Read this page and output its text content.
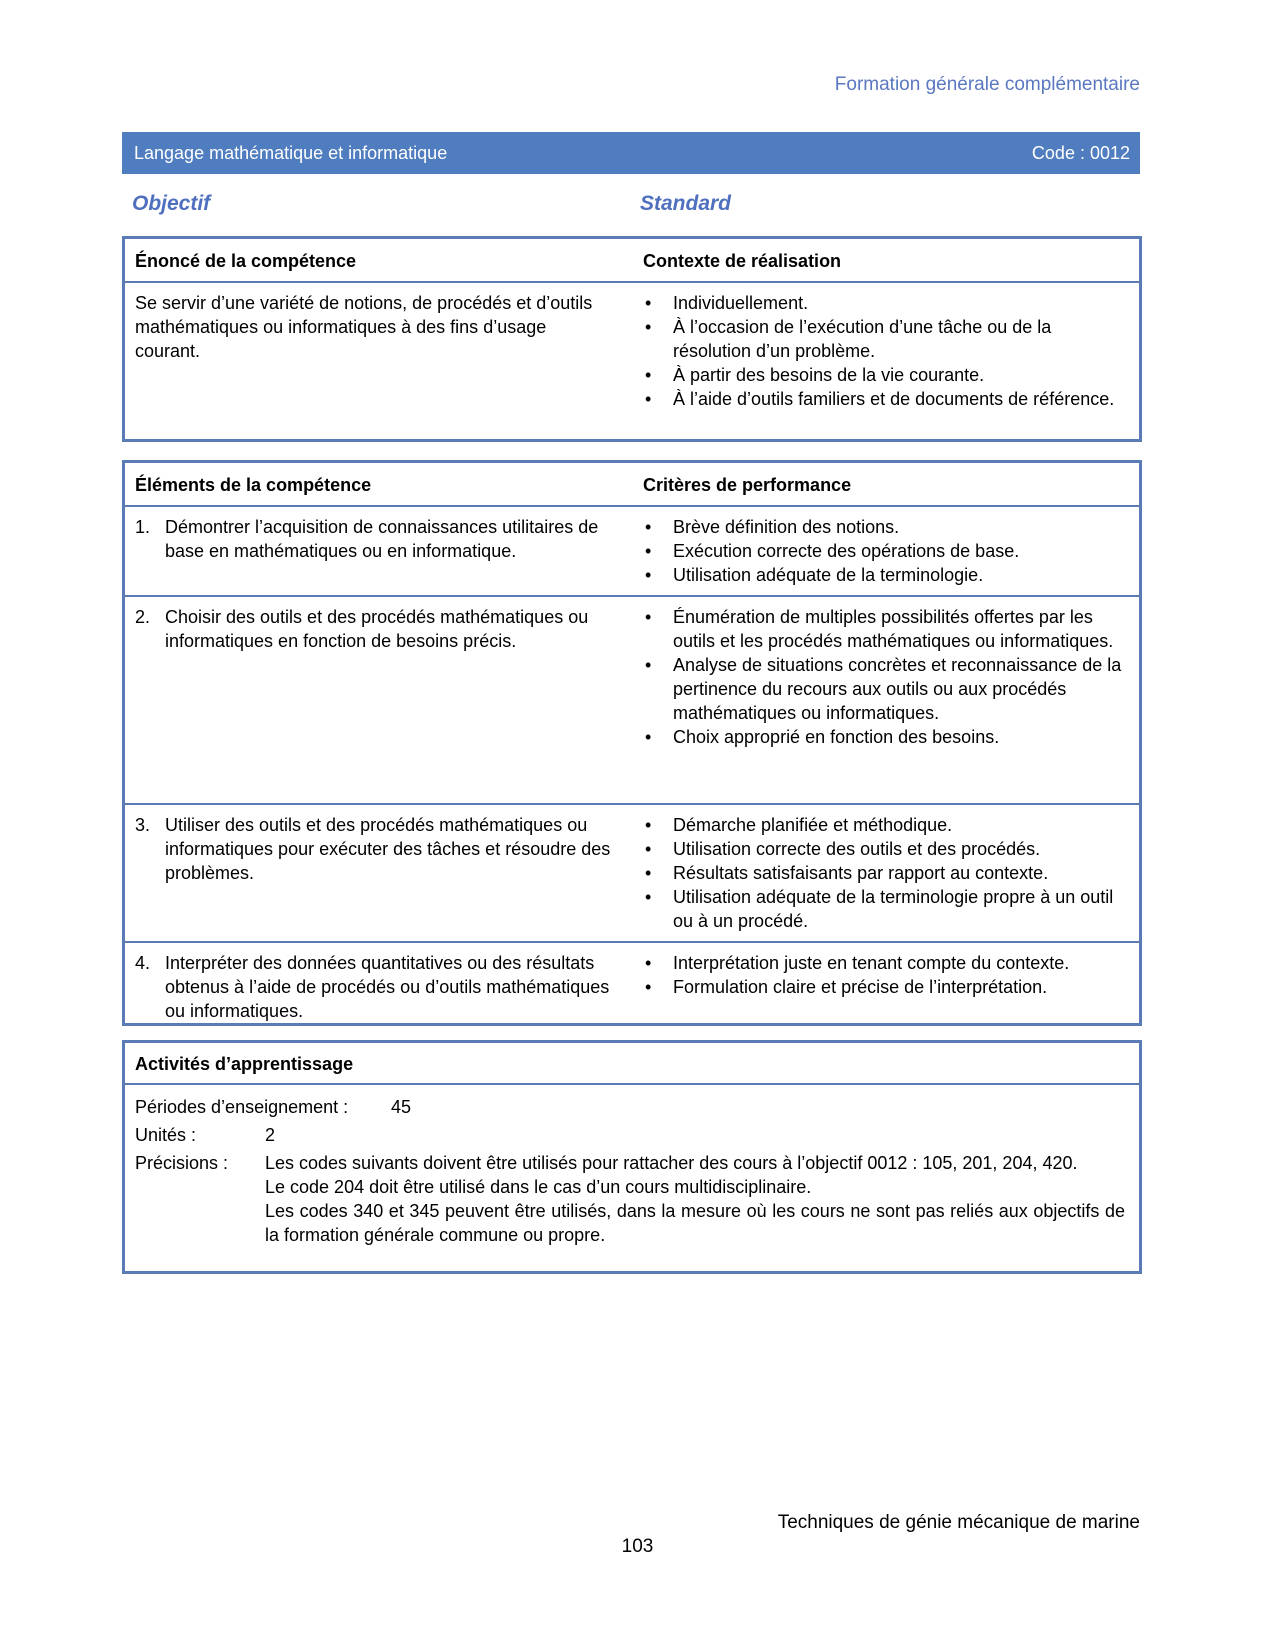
Formation générale complémentaire
Langage mathématique et informatique	Code : 0012
Objectif	Standard
Énoncé de la compétence	Contexte de réalisation
Se servir d’une variété de notions, de procédés et d’outils mathématiques ou informatiques à des fins d’usage courant.
• Individuellement.
• À l’occasion de l’exécution d’une tâche ou de la résolution d’un problème.
• À partir des besoins de la vie courante.
• À l’aide d’outils familiers et de documents de référence.
Éléments de la compétence	Critères de performance
1. Démontrer l’acquisition de connaissances utilitaires de base en mathématiques ou en informatique.
• Brève définition des notions.
• Exécution correcte des opérations de base.
• Utilisation adéquate de la terminologie.
2. Choisir des outils et des procédés mathématiques ou informatiques en fonction de besoins précis.
• Énumération de multiples possibilités offertes par les outils et les procédés mathématiques ou informatiques.
• Analyse de situations concrètes et reconnaissance de la pertinence du recours aux outils ou aux procédés mathématiques ou informatiques.
• Choix approprié en fonction des besoins.
3. Utiliser des outils et des procédés mathématiques ou informatiques pour exécuter des tâches et résoudre des problèmes.
• Démarche planifiée et méthodique.
• Utilisation correcte des outils et des procédés.
• Résultats satisfaisants par rapport au contexte.
• Utilisation adéquate de la terminologie propre à un outil ou à un procédé.
4. Interpréter des données quantitatives ou des résultats obtenus à l’aide de procédés ou d’outils mathématiques ou informatiques.
• Interprétation juste en tenant compte du contexte.
• Formulation claire et précise de l’interprétation.
Activités d’apprentissage
Périodes d’enseignement : 45
Unités :	2
Précisions : Les codes suivants doivent être utilisés pour rattacher des cours à l’objectif 0012 : 105, 201, 204, 420.
Le code 204 doit être utilisé dans le cas d’un cours multidisciplinaire.
Les codes 340 et 345 peuvent être utilisés, dans la mesure où les cours ne sont pas reliés aux objectifs de la formation générale commune ou propre.
Techniques de génie mécanique de marine
103
